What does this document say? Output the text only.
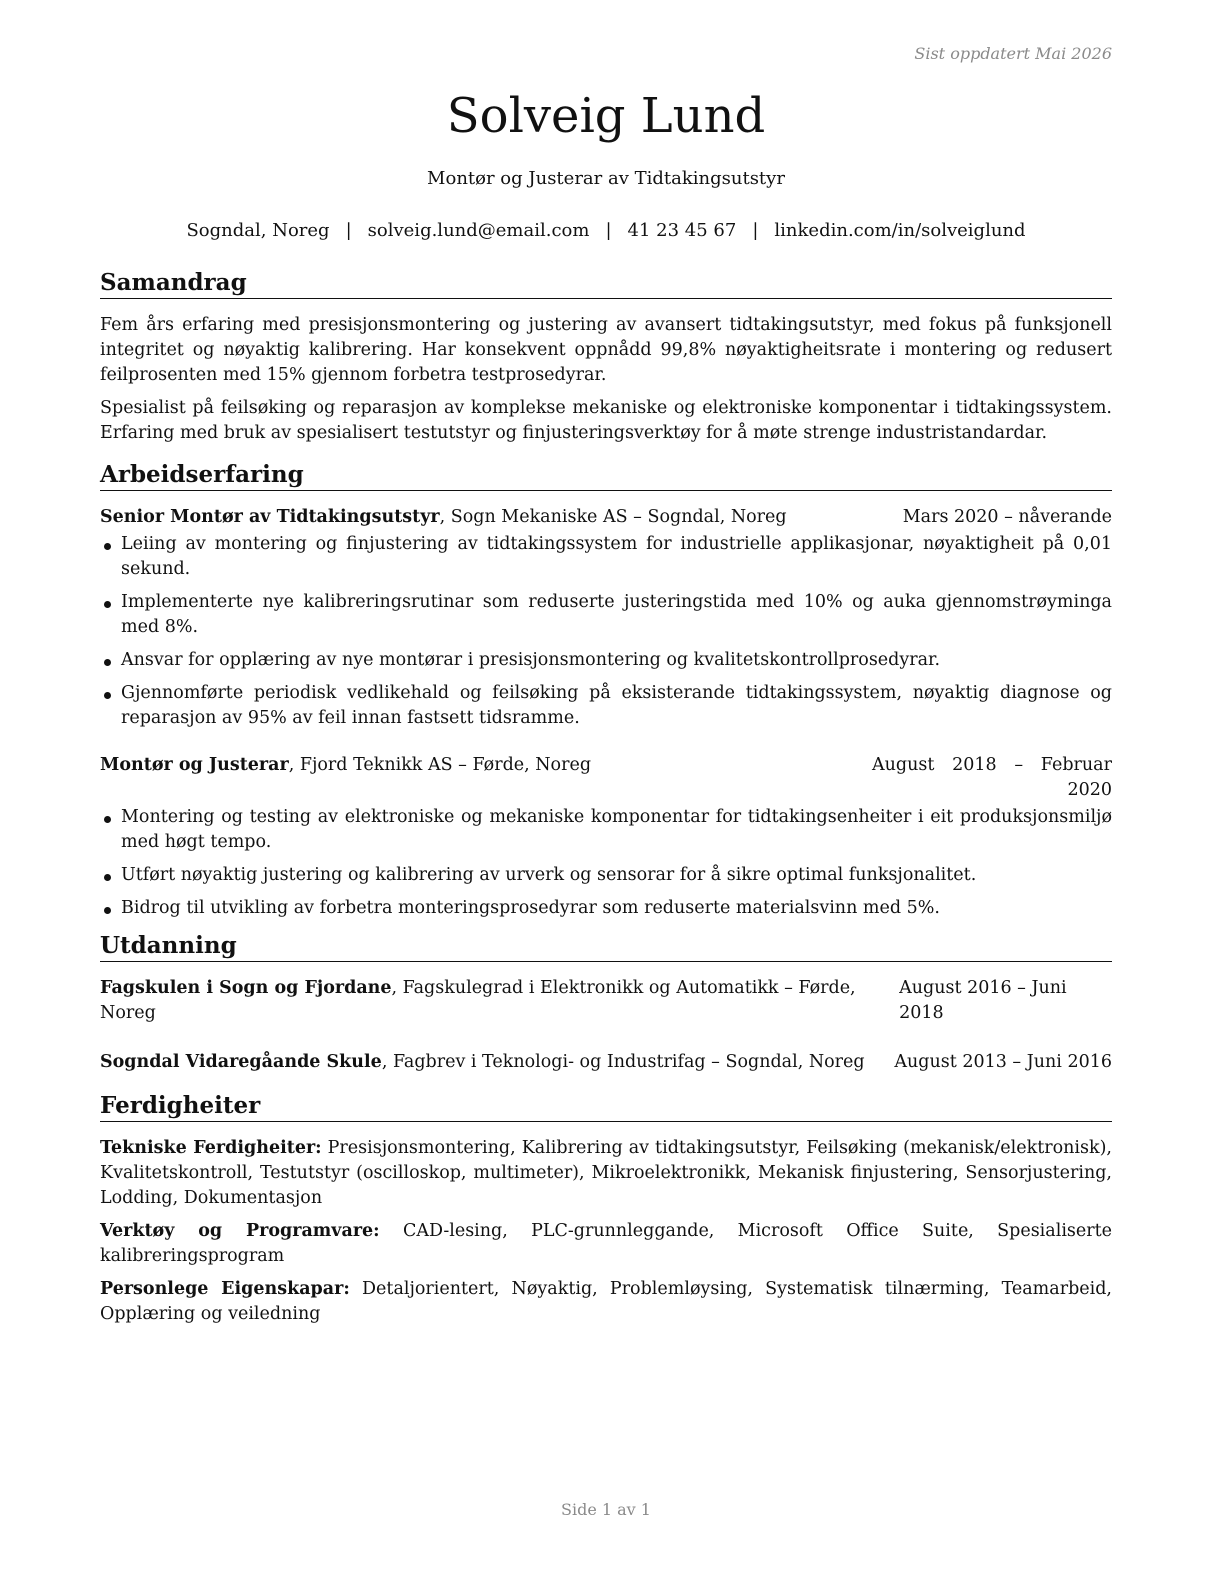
Sist oppdatert Mai 2026
Solveig Lund
Montør og Justerar av Tidtakingsutstyr
Sogndal, Noreg | solveig.lund@email.com | 41 23 45 67 | linkedin.com/in/solveiglund
Samandrag

Fem års erfaring med presisjonsmontering og justering av avansert tidtakingsutstyr, med fokus på funksjonell integritet og nøyaktig kalibrering. Har konsekvent oppnådd 99,8% nøyaktigheitsrate i montering og redusert feilprosenten med 15% gjennom forbetra testprosedyrar.

Spesialist på feilsøking og reparasjon av komplekse mekaniske og elektroniske komponentar i tidtakingssystem. Erfaring med bruk av spesialisert testutstyr og finjusteringsverktøy for å møte strenge industristandardar.

Arbeidserfaring
Senior Montør av Tidtakingsutstyr, Sogn Mekaniske AS – Sogndal, Noreg	Mars 2020 – nåverande
Leiing av montering og finjustering av tidtakingssystem for industrielle applikasjonar, nøyaktigheit på 0,01 sekund.
Implementerte nye kalibreringsrutinar som reduserte justeringstida med 10% og auka gjennomstrøyminga med 8%.
Ansvar for opplæring av nye montørar i presisjonsmontering og kvalitetskontrollprosedyrar.
Gjennomførte periodisk vedlikehald og feilsøking på eksisterande tidtakingssystem, nøyaktig diagnose og reparasjon av 95% av feil innan fastsett tidsramme.
Montør og Justerar, Fjord Teknikk AS – Førde, Noreg	August 2018 – Februar 2020
Montering og testing av elektroniske og mekaniske komponentar for tidtakingsenheiter i eit produksjonsmiljø med høgt tempo.
Utført nøyaktig justering og kalibrering av urverk og sensorar for å sikre optimal funksjonalitet.
Bidrog til utvikling av forbetra monteringsprosedyrar som reduserte materialsvinn med 5%.
Utdanning
Fagskulen i Sogn og Fjordane, Fagskulegrad i Elektronikk og Automatikk – Førde, Noreg
August 2016 – Juni 2018
Sogndal Vidaregåande Skule, Fagbrev i Teknologi- og Industrifag – Sogndal, Noreg August 2013 – Juni 2016
Ferdigheiter

Tekniske Ferdigheiter: Presisjonsmontering, Kalibrering av tidtakingsutstyr, Feilsøking (mekanisk/elektronisk), Kvalitetskontroll, Testutstyr (oscilloskop, multimeter), Mikroelektronikk, Mekanisk finjustering, Sensorjustering, Lodding, Dokumentasjon

Verktøy og Programvare: CAD-lesing, PLC-grunnleggande, Microsoft Office Suite, Spesialiserte kalibreringsprogram

Personlege Eigenskapar: Detaljorientert, Nøyaktig, Problemløysing, Systematisk tilnærming, Teamarbeid, Opplæring og veiledning

Side 1 av 1
